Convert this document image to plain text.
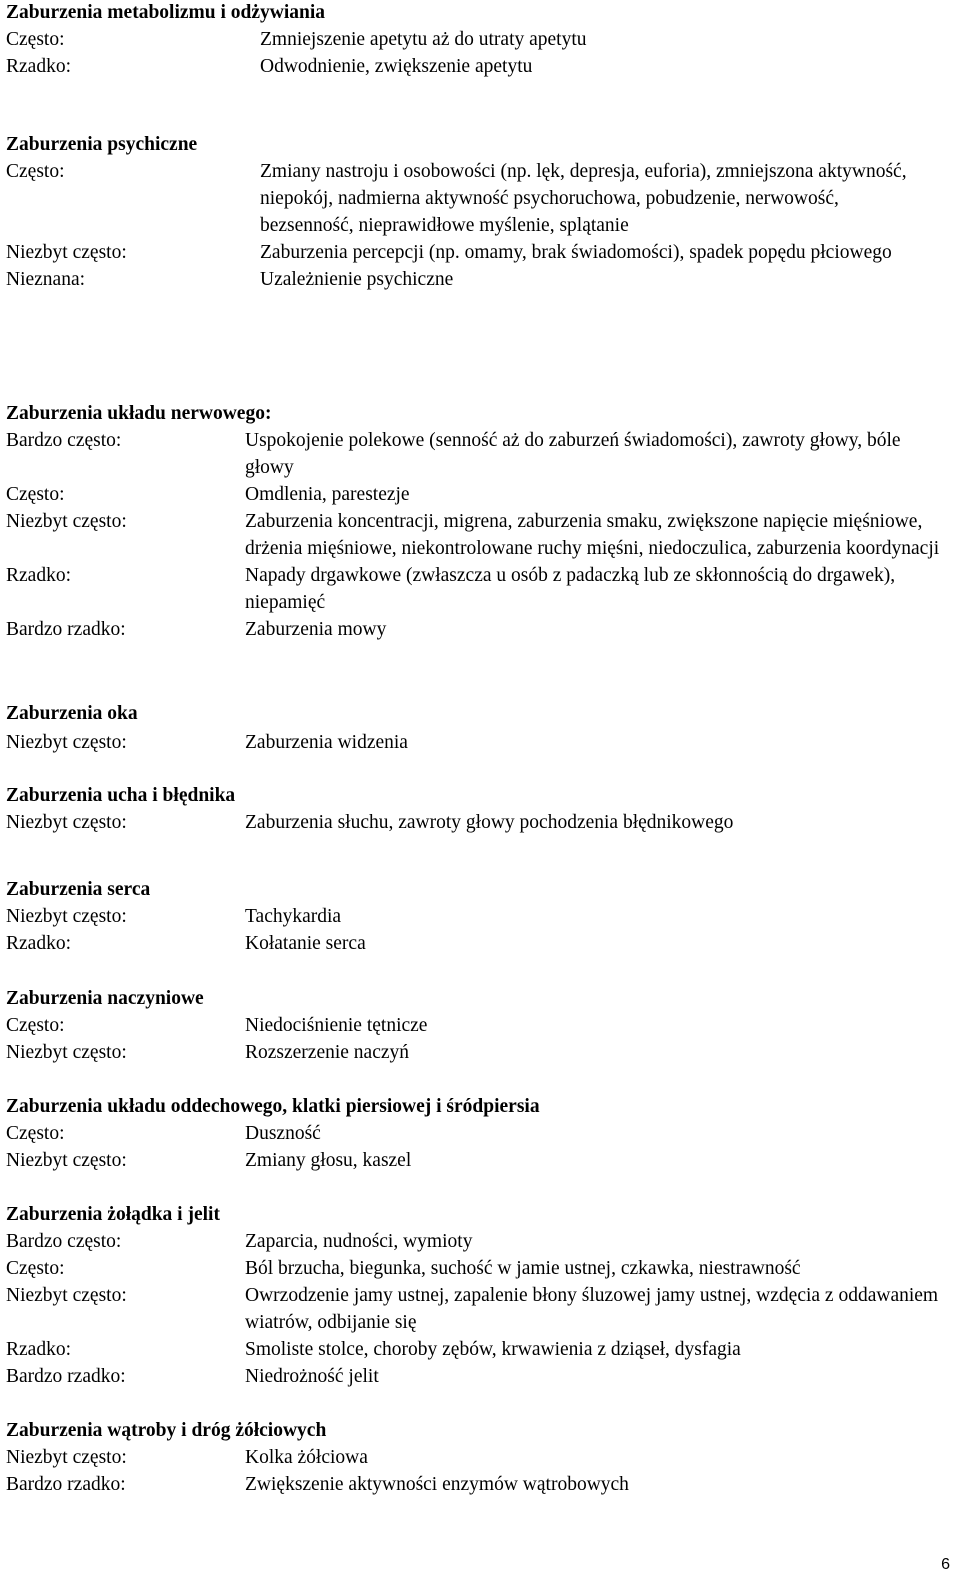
Zaburzenia metabolizmu i odżywiania
Często:	Zmniejszenie apetytu aż do utraty apetytu
Rzadko:	Odwodnienie, zwiększenie apetytu
Zaburzenia psychiczne
Często:	Zmiany nastroju i osobowości (np. lęk, depresja, euforia), zmniejszona aktywność, niepokój, nadmierna aktywność psychoruchowa, pobudzenie, nerwowość, bezsenność, nieprawidłowe myślenie, splątanie
Niezbyt często:	Zaburzenia percepcji (np. omamy, brak świadomości), spadek popędu płciowego
Nieznana:	Uzależnienie psychiczne
Zaburzenia układu nerwowego:
Bardzo często:	Uspokojenie polekowe (senność aż do zaburzeń świadomości), zawroty głowy, bóle głowy
Często:	Omdlenia, parestezje
Niezbyt często:	Zaburzenia koncentracji, migrena, zaburzenia smaku, zwiększone napięcie mięśniowe, drżenia mięśniowe, niekontrolowane ruchy mięśni, niedoczulica, zaburzenia koordynacji
Rzadko:	Napady drgawkowe (zwłaszcza u osób z padaczką lub ze skłonnością do drgawek), niepamięć
Bardzo rzadko:	Zaburzenia mowy
Zaburzenia oka
Niezbyt często:	Zaburzenia widzenia
Zaburzenia ucha i błędnika
Niezbyt często:	Zaburzenia słuchu, zawroty głowy pochodzenia błędnikowego
Zaburzenia serca
Niezbyt często:	Tachykardia
Rzadko:	Kołatanie serca
Zaburzenia naczyniowe
Często:	Niedociśnienie tętnicze
Niezbyt często:	Rozszerzenie naczyń
Zaburzenia układu oddechowego, klatki piersiowej i śródpiersia
Często:	Duszność
Niezbyt często:	Zmiany głosu, kaszel
Zaburzenia żołądka i jelit
Bardzo często:	Zaparcia, nudności, wymioty
Często:	Ból brzucha, biegunka, suchość w jamie ustnej, czkawka, niestrawność
Niezbyt często:	Owrzodzenie jamy ustnej, zapalenie błony śluzowej jamy ustnej, wzdęcia z oddawaniem wiatrów, odbijanie się
Rzadko:	Smoliste stolce, choroby zębów, krwawienia z dziąseł, dysfagia
Bardzo rzadko:	Niedrożność jelit
Zaburzenia wątroby i dróg żółciowych
Niezbyt często:	Kolka żółciowa
Bardzo rzadko:	Zwiększenie aktywności enzymów wątrobowych
6
